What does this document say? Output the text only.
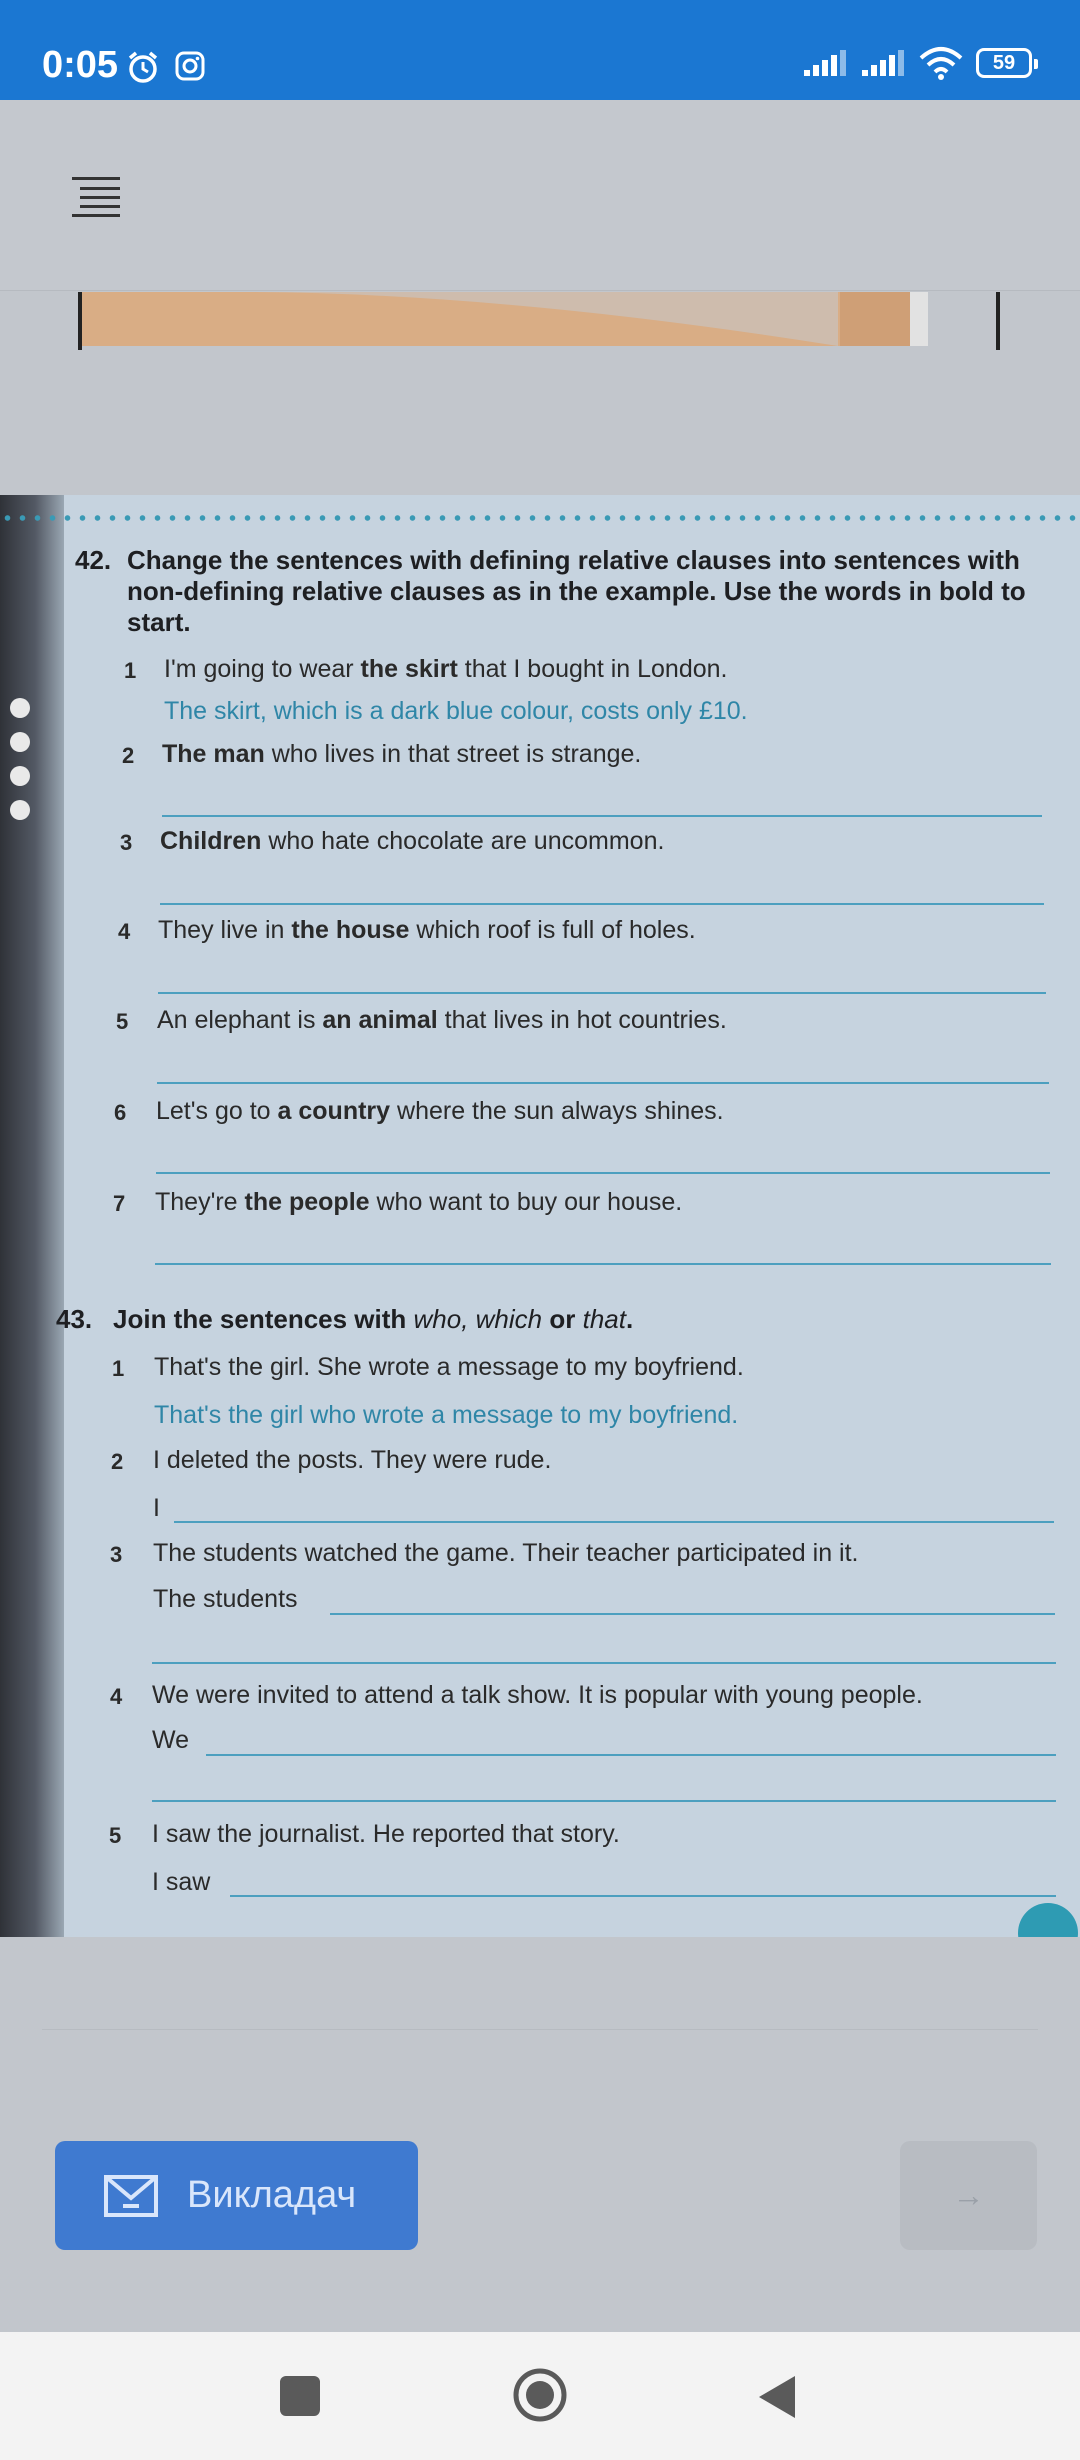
0:05	59
42. Change the sentences with defining relative clauses into sentences with non-defining relative clauses as in the example. Use the words in bold to start.
1 I'm going to wear the skirt that I bought in London.
The skirt, which is a dark blue colour, costs only £10.
2 The man who lives in that street is strange.
3 Children who hate chocolate are uncommon.
4 They live in the house which roof is full of holes.
5 An elephant is an animal that lives in hot countries.
6 Let's go to a country where the sun always shines.
7 They're the people who want to buy our house.
43. Join the sentences with who, which or that.
1 That's the girl. She wrote a message to my boyfriend.
That's the girl who wrote a message to my boyfriend.
2 I deleted the posts. They were rude.
I
3 The students watched the game. Their teacher participated in it.
The students
4 We were invited to attend a talk show. It is popular with young people.
We
5 I saw the journalist. He reported that story.
I saw
Викладач	→
